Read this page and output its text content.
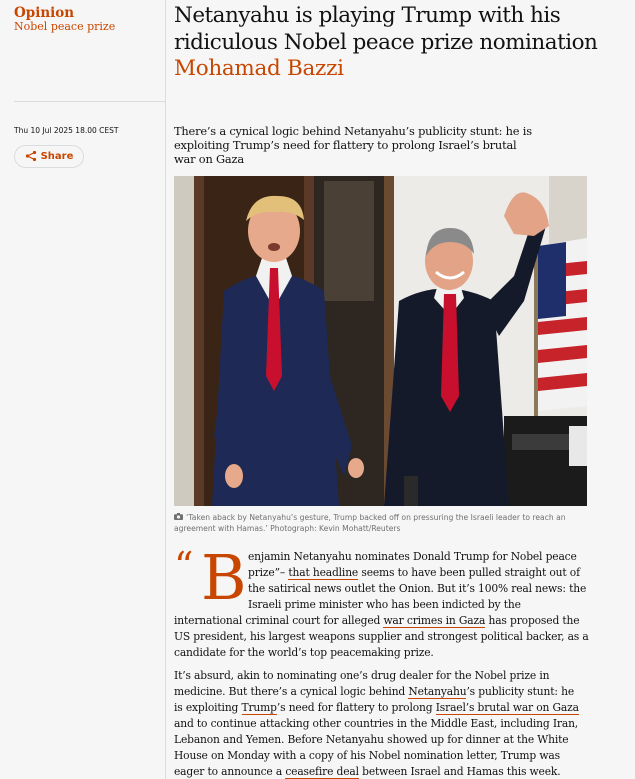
Opinion
Nobel peace prize
Thu 10 Jul 2025 18.00 CEST
Share
Netanyahu is playing Trump with his
ridiculous Nobel peace prize nomination
Mohamad Bazzi
There’s a cynical logic behind Netanyahu’s publicity stunt: he is
exploiting Trump’s need for flattery to prolong Israel’s brutal
war on Gaza
‘Taken aback by Netanyahu’s gesture, Trump backed off on pressuring the Israeli leader to reach an agreement with Hamas.’ Photograph: Kevin Mohatt/Reuters
“ B enjamin Netanyahu nominates Donald Trump for Nobel peace
prize”– that headline seems to have been pulled straight out of
the satirical news outlet the Onion. But it’s 100% real news: the
Israeli prime minister who has been indicted by the
international criminal court for alleged war crimes in Gaza has proposed the
US president, his largest weapons supplier and strongest political backer, as a
candidate for the world’s top peacemaking prize.
It’s absurd, akin to nominating one’s drug dealer for the Nobel prize in
medicine. But there’s a cynical logic behind Netanyahu’s publicity stunt: he
is exploiting Trump’s need for flattery to prolong Israel’s brutal war on Gaza
and to continue attacking other countries in the Middle East, including Iran,
Lebanon and Yemen. Before Netanyahu showed up for dinner at the White
House on Monday with a copy of his Nobel nomination letter, Trump was
eager to announce a ceasefire deal between Israel and Hamas this week.
